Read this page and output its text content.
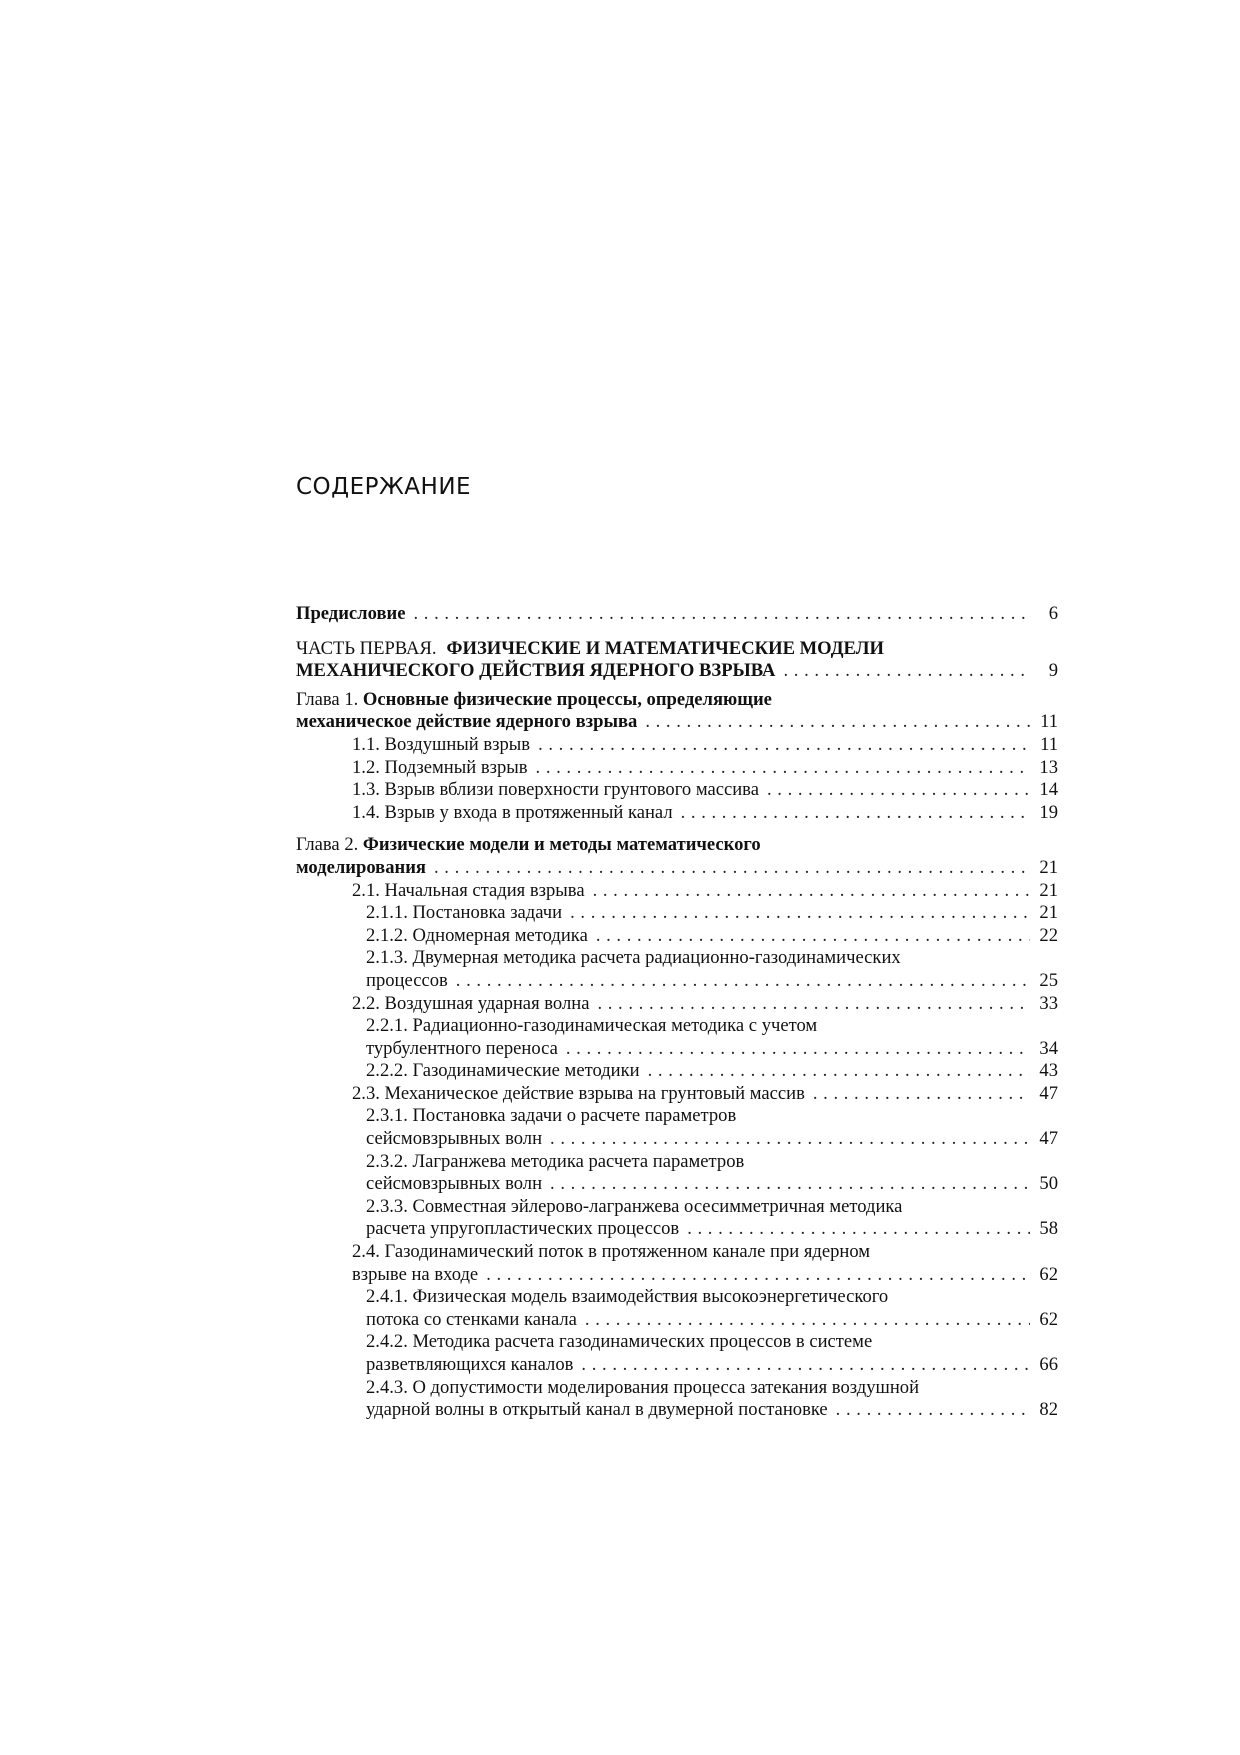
СОДЕРЖАНИЕ
Предисловие . . .	6
ЧАСТЬ ПЕРВАЯ. ФИЗИЧЕСКИЕ И МАТЕМАТИЧЕСКИЕ МОДЕЛИ
МЕХАНИЧЕСКОГО ДЕЙСТВИЯ ЯДЕРНОГО ВЗРЫВА . . .	9
Глава 1. Основные физические процессы, определяющие
механическое действие ядерного взрыва . . .	11
1.1. Воздушный взрыв . . .	11
1.2. Подземный взрыв . . .	13
1.3. Взрыв вблизи поверхности грунтового массива . . .	14
1.4. Взрыв у входа в протяженный канал . . .	19
Глава 2. Физические модели и методы математического
моделирования . . .	21
2.1. Начальная стадия взрыва . . .	21
2.1.1. Постановка задачи . . .	21
2.1.2. Одномерная методика . . .	22
2.1.3. Двумерная методика расчета радиационно-газодинамических
процессов . . .	25
2.2. Воздушная ударная волна . . .	33
2.2.1. Радиационно-газодинамическая методика с учетом
турбулентного переноса . . .	34
2.2.2. Газодинамические методики . . .	43
2.3. Механическое действие взрыва на грунтовый массив . . .	47
2.3.1. Постановка задачи о расчете параметров
сейсмовзрывных волн . . .	47
2.3.2. Лагранжева методика расчета параметров
сейсмовзрывных волн . . .	50
2.3.3. Совместная эйлерово-лагранжева осесимметричная методика
расчета упругопластических процессов . . .	58
2.4. Газодинамический поток в протяженном канале при ядерном
взрыве на входе . . .	62
2.4.1. Физическая модель взаимодействия высокоэнергетического
потока со стенками канала . . .	62
2.4.2. Методика расчета газодинамических процессов в системе
разветвляющихся каналов . . .	66
2.4.3. О допустимости моделирования процесса затекания воздушной
ударной волны в открытый канал в двумерной постановке . . .	82
